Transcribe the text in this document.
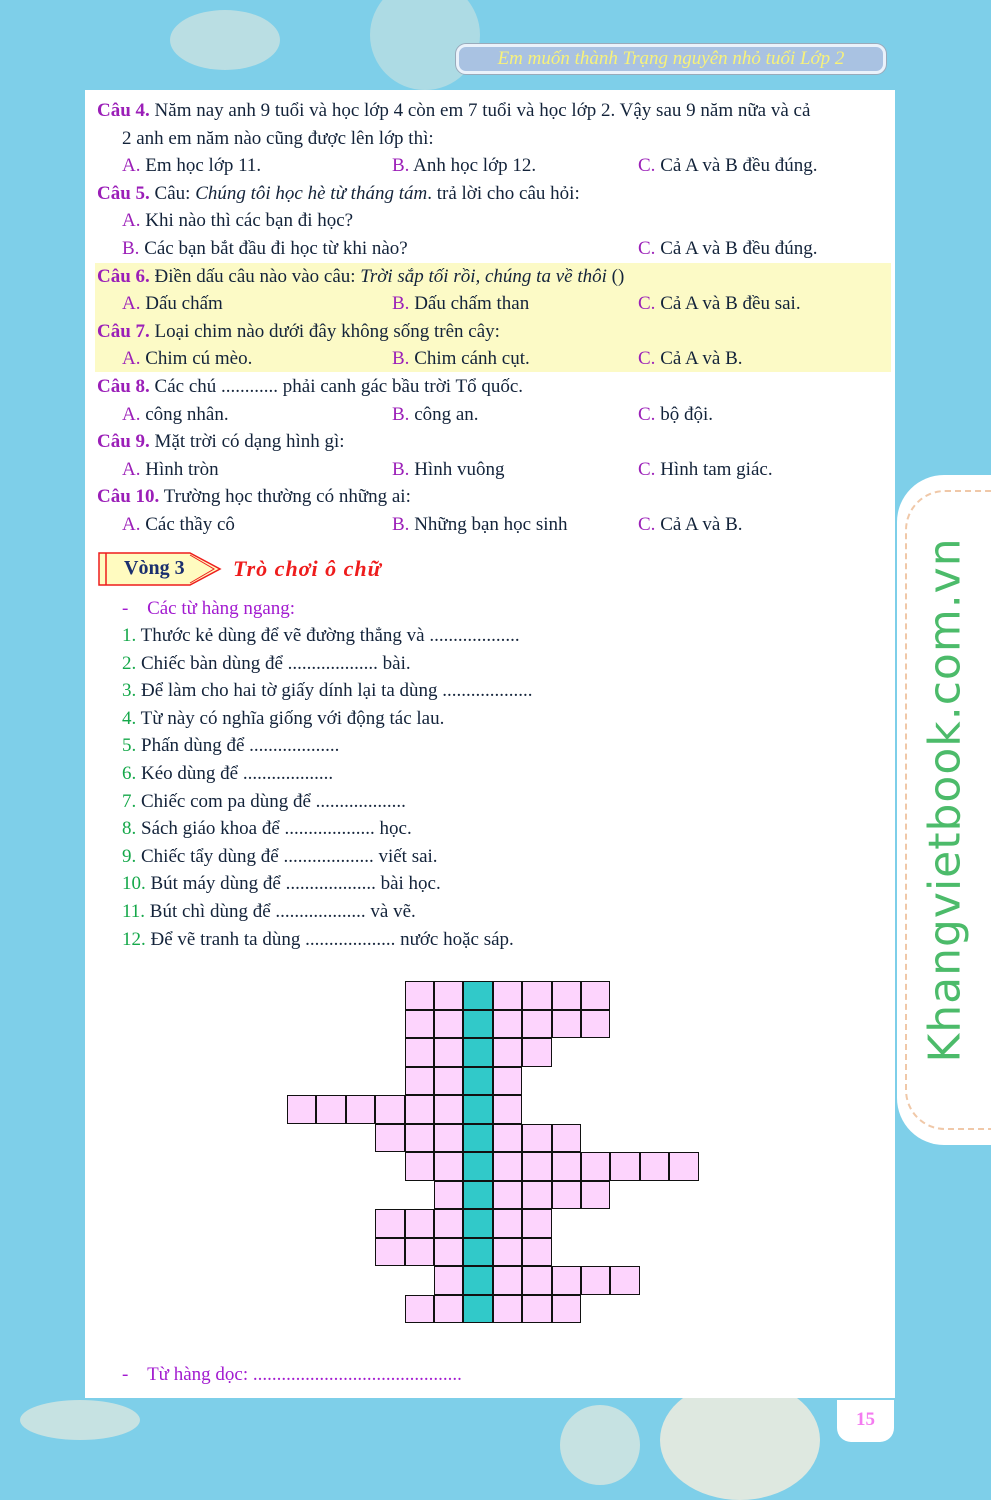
Em muốn thành Trạng nguyên nhỏ tuổi Lớp 2
Khangvietbook.com.vn
Câu 4. Năm nay anh 9 tuổi và học lớp 4 còn em 7 tuổi và học lớp 2. Vậy sau 9 năm nữa và cả
2 anh em năm nào cũng được lên lớp thì:
A. Em học lớp 11.	B. Anh học lớp 12.	C. Cả A và B đều đúng.
Câu 5. Câu: Chúng tôi học hè từ tháng tám. trả lời cho câu hỏi:
A. Khi nào thì các bạn đi học?
B. Các bạn bắt đầu đi học từ khi nào?	C. Cả A và B đều đúng.
Câu 6. Điền dấu câu nào vào câu: Trời sắp tối rồi, chúng ta về thôi ()
A. Dấu chấm	B. Dấu chấm than	C. Cả A và B đều sai.
Câu 7. Loại chim nào dưới đây không sống trên cây:
A. Chim cú mèo.	B. Chim cánh cụt.	C. Cả A và B.
Câu 8. Các chú ............ phải canh gác bầu trời Tổ quốc.
A. công nhân.	B. công an.	C. bộ đội.
Câu 9. Mặt trời có dạng hình gì:
A. Hình tròn	B. Hình vuông	C. Hình tam giác.
Câu 10. Trường học thường có những ai:
A. Các thầy cô	B. Những bạn học sinh	C. Cả A và B.
Vòng 3 Trò chơi ô chữ
- Các từ hàng ngang:
1. Thước kẻ dùng để vẽ đường thẳng và ...................
2. Chiếc bàn dùng để ................... bài.
3. Để làm cho hai tờ giấy dính lại ta dùng ...................
4. Từ này có nghĩa giống với động tác lau.
5. Phấn dùng để ...................
6. Kéo dùng để ...................
7. Chiếc com pa dùng để ...................
8. Sách giáo khoa để ................... học.
9. Chiếc tẩy dùng để ................... viết sai.
10. Bút máy dùng để ................... bài học.
11. Bút chì dùng để ................... và vẽ.
12. Để vẽ tranh ta dùng ................... nước hoặc sáp.
- Từ hàng dọc: ............................................
15
